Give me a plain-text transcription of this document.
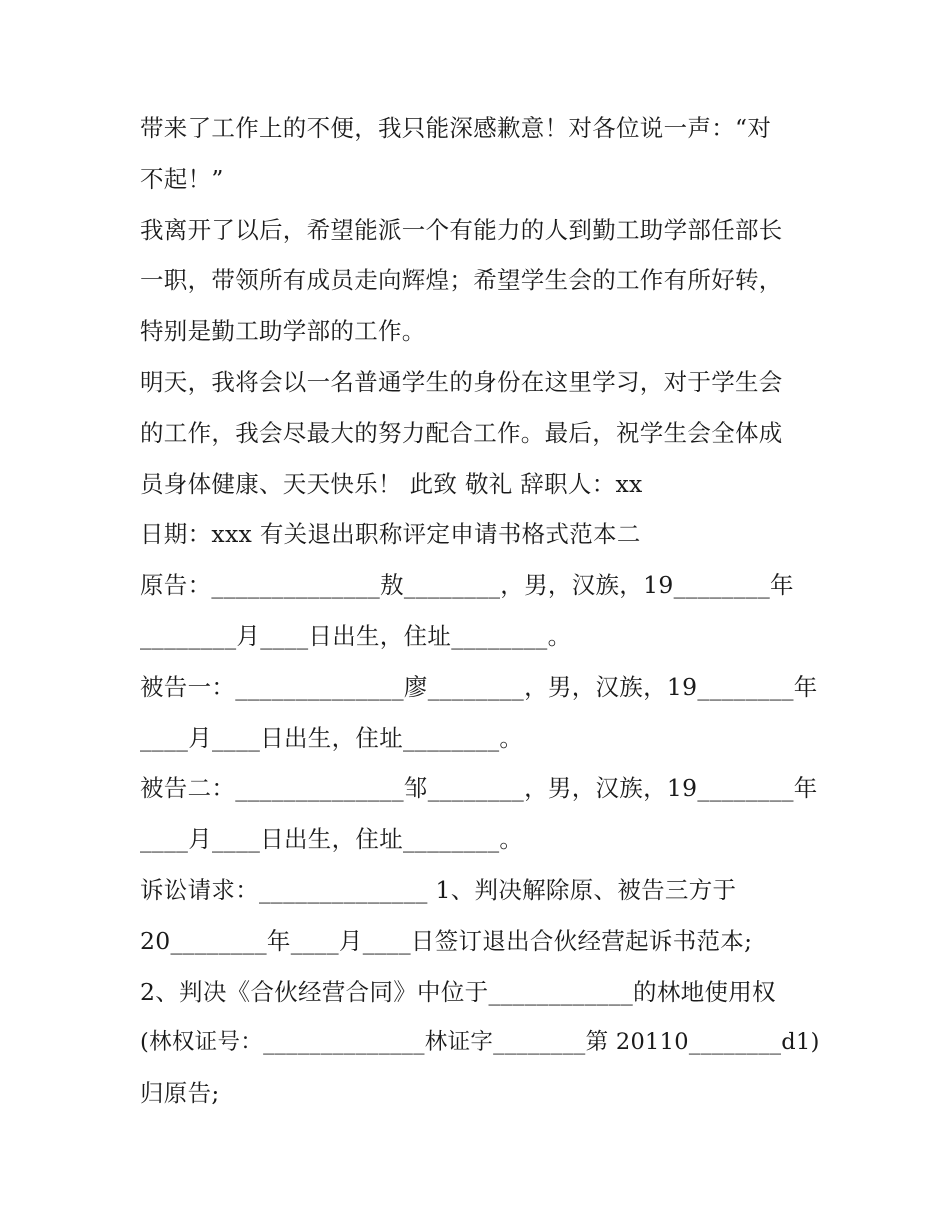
带来了工作上的不便，我只能深感歉意！对各位说一声：“对
不起！”
我离开了以后，希望能派一个有能力的人到勤工助学部任部长
一职，带领所有成员走向辉煌；希望学生会的工作有所好转，
特别是勤工助学部的工作。
明天，我将会以一名普通学生的身份在这里学习，对于学生会
的工作，我会尽最大的努力配合工作。最后，祝学生会全体成
员身体健康、天天快乐！ 此致 敬礼 辞职人：xx
日期：xxx 有关退出职称评定申请书格式范本二
原告：______________敖________，男，汉族，19________年
________月____日出生，住址________。
被告一：______________廖________，男，汉族，19________年
____月____日出生，住址________。
被告二：______________邹________，男，汉族，19________年
____月____日出生，住址________。
诉讼请求：______________ 1、判决解除原、被告三方于
20________年____月____日签订退出合伙经营起诉书范本;
2、判决《合伙经营合同》中位于____________的林地使用权
(林权证号：______________林证字________第 20110________d1)
归原告;
